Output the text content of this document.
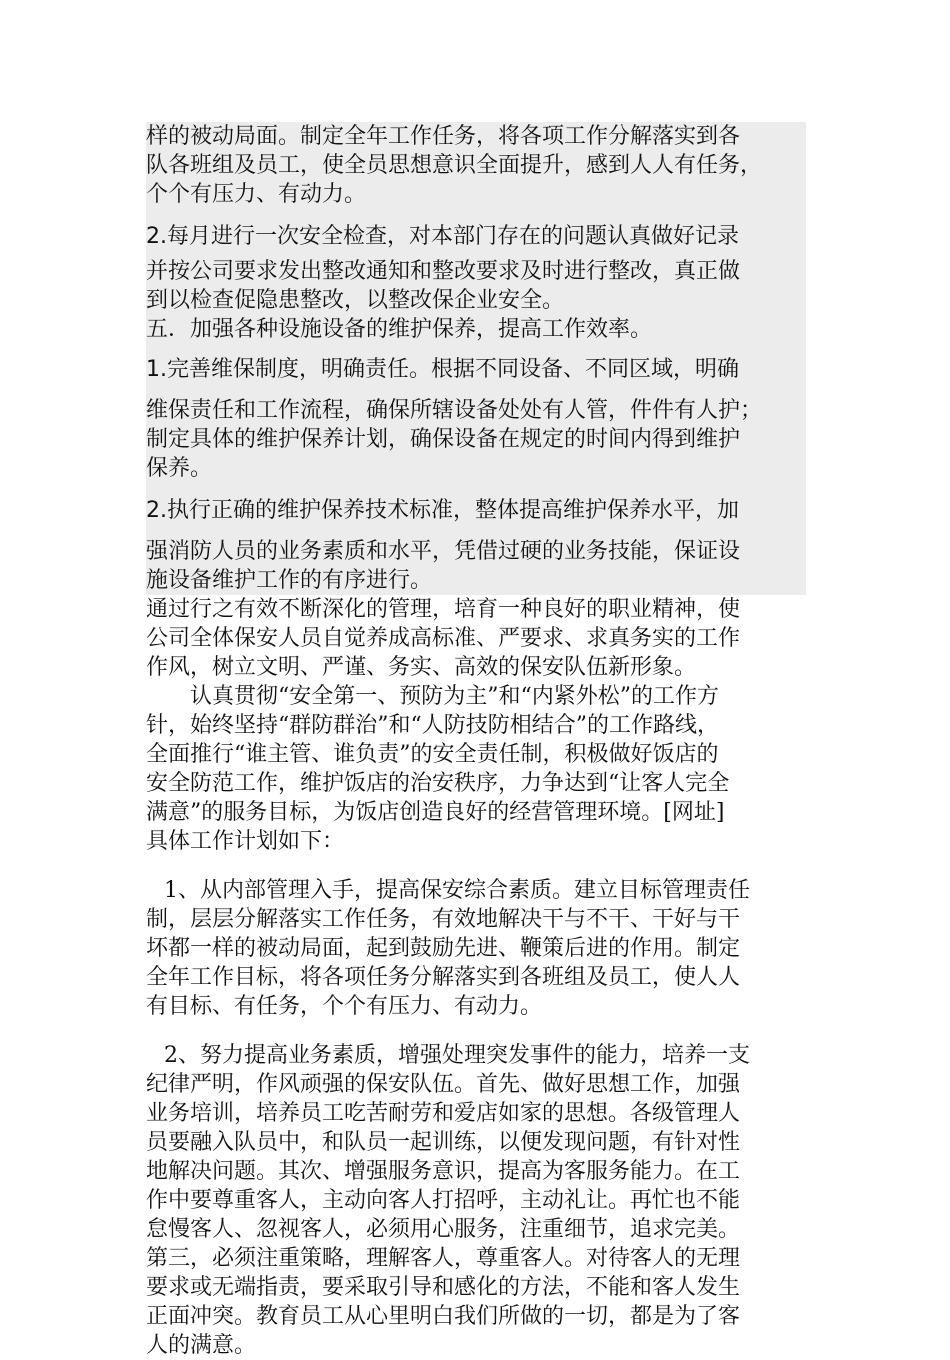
样的被动局面。制定全年工作任务，将各项工作分解落实到各
队各班组及员工，使全员思想意识全面提升，感到人人有任务，
个个有压力、有动力。
2.每月进行一次安全检查，对本部门存在的问题认真做好记录
并按公司要求发出整改通知和整改要求及时进行整改，真正做
到以检查促隐患整改，以整改保企业安全。
五．加强各种设施设备的维护保养，提高工作效率。
1.完善维保制度，明确责任。根据不同设备、不同区域，明确
维保责任和工作流程，确保所辖设备处处有人管，件件有人护；
制定具体的维护保养计划，确保设备在规定的时间内得到维护
保养。
2.执行正确的维护保养技术标准，整体提高维护保养水平，加
强消防人员的业务素质和水平，凭借过硬的业务技能，保证设
施设备维护工作的有序进行。
通过行之有效不断深化的管理，培育一种良好的职业精神，使
公司全体保安人员自觉养成高标准、严要求、求真务实的工作
作风，树立文明、严谨、务实、高效的保安队伍新形象。
认真贯彻“安全第一、预防为主”和“内紧外松”的工作方
针，始终坚持“群防群治”和“人防技防相结合”的工作路线，
全面推行“谁主管、谁负责”的安全责任制，积极做好饭店的
安全防范工作，维护饭店的治安秩序，力争达到“让客人完全
满意”的服务目标，为饭店创造良好的经营管理环境。[网址]
具体工作计划如下：
1、从内部管理入手，提高保安综合素质。建立目标管理责任
制，层层分解落实工作任务，有效地解决干与不干、干好与干
坏都一样的被动局面，起到鼓励先进、鞭策后进的作用。制定
全年工作目标，将各项任务分解落实到各班组及员工，使人人
有目标、有任务，个个有压力、有动力。
2、努力提高业务素质，增强处理突发事件的能力，培养一支
纪律严明，作风顽强的保安队伍。首先、做好思想工作，加强
业务培训，培养员工吃苦耐劳和爱店如家的思想。各级管理人
员要融入队员中，和队员一起训练，以便发现问题，有针对性
地解决问题。其次、增强服务意识，提高为客服务能力。在工
作中要尊重客人，主动向客人打招呼，主动礼让。再忙也不能
怠慢客人、忽视客人，必须用心服务，注重细节，追求完美。
第三，必须注重策略，理解客人，尊重客人。对待客人的无理
要求或无端指责，要采取引导和感化的方法，不能和客人发生
正面冲突。教育员工从心里明白我们所做的一切，都是为了客
人的满意。
